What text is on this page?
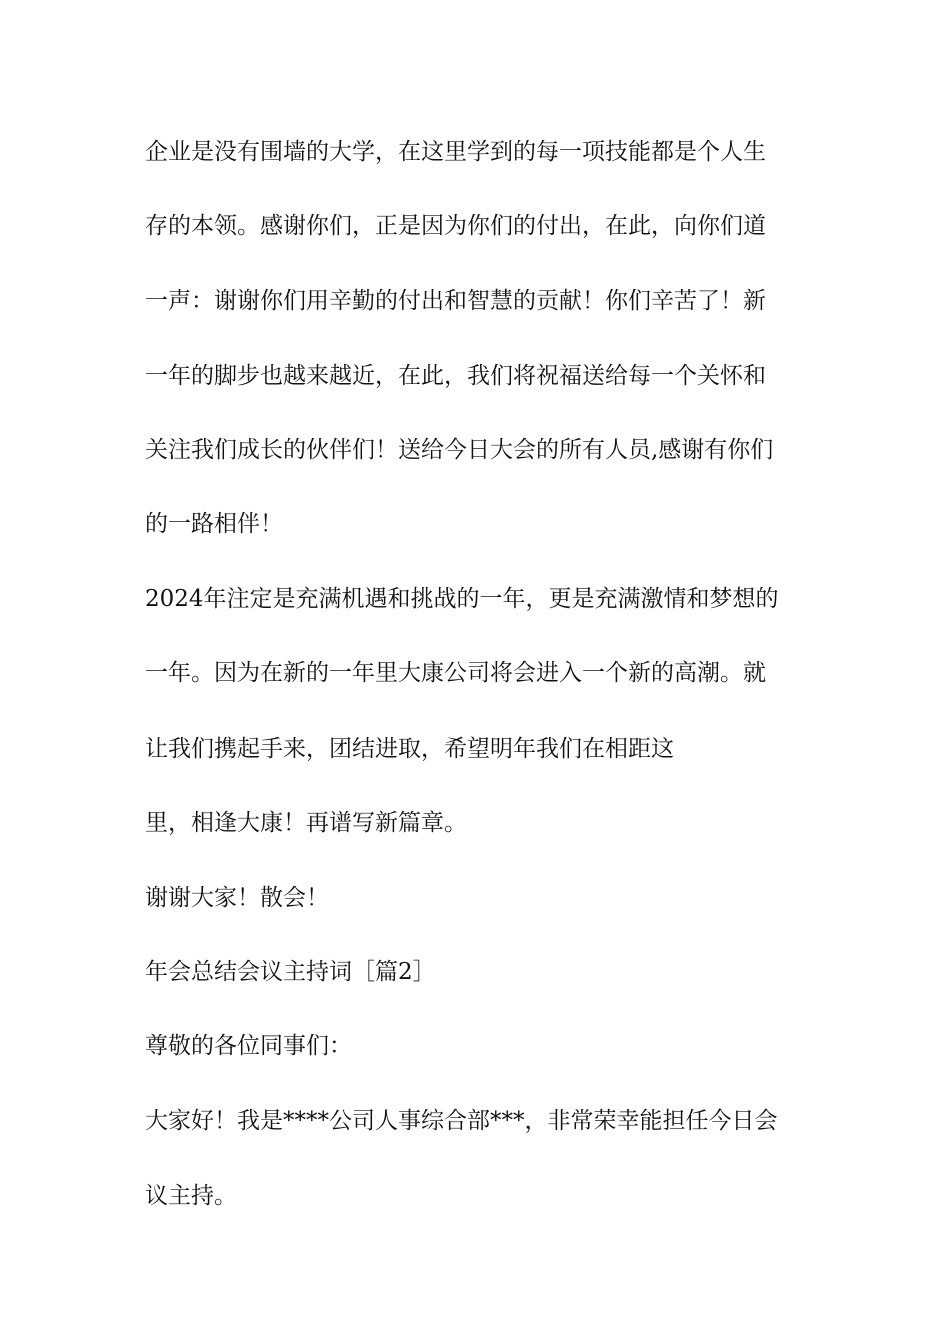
企业是没有围墙的大学，在这里学到的每一项技能都是个人生

存的本领。感谢你们，正是因为你们的付出，在此，向你们道

一声：谢谢你们用辛勤的付出和智慧的贡献！你们辛苦了！新

一年的脚步也越来越近，在此，我们将祝福送给每一个关怀和

关注我们成长的伙伴们！送给今日大会的所有人员,感谢有你们

的一路相伴！

2024年注定是充满机遇和挑战的一年，更是充满激情和梦想的

一年。因为在新的一年里大康公司将会进入一个新的高潮。就

让我们携起手来，团结进取，希望明年我们在相距这

里，相逢大康！再谱写新篇章。

谢谢大家！散会！

年会总结会议主持词［篇2］

尊敬的各位同事们：

大家好！我是****公司人事综合部***，非常荣幸能担任今日会

议主持。
